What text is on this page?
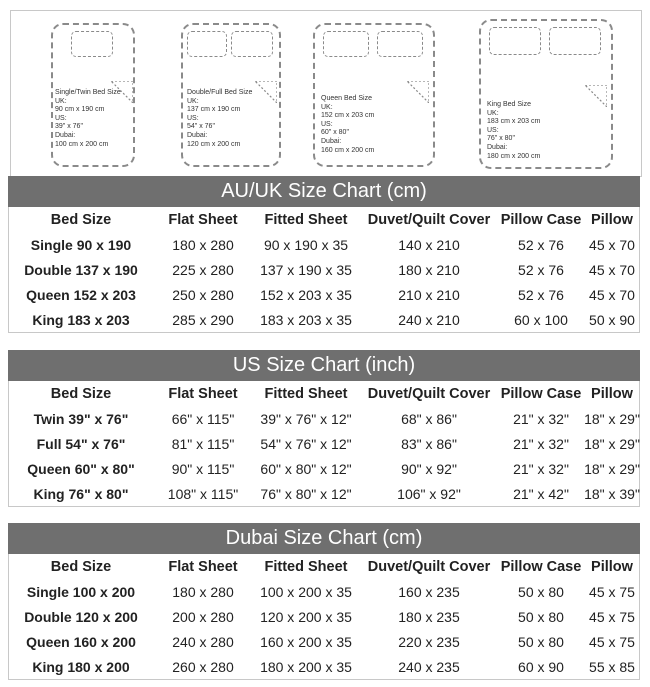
Single/Twin Bed Size
UK:
90 cm x 190 cm
US:
39" x 76"
Dubai:
100 cm x 200 cm
Double/Full Bed Size
UK:
137 cm x 190 cm
US:
54" x 76"
Dubai:
120 cm x 200 cm
Queen Bed Size
UK:
152 cm x 203 cm
US:
60" x 80"
Dubai:
160 cm x 200 cm
King Bed Size
UK:
183 cm x 203 cm
US:
76" x 80"
Dubai:
180 cm x 200 cm
AU/UK Size Chart (cm)
Bed Size	Flat Sheet	Fitted Sheet	Duvet/Quilt Cover	Pillow Case	Pillow
Single 90 x 190	180 x 280	90 x 190 x 35	140 x 210	52 x 76	45 x 70
Double 137 x 190	225 x 280	137 x 190 x 35	180 x 210	52 x 76	45 x 70
Queen 152 x 203	250 x 280	152 x 203 x 35	210 x 210	52 x 76	45 x 70
King 183 x 203	285 x 290	183 x 203 x 35	240 x 210	60 x 100	50 x 90
US Size Chart (inch)
Bed Size	Flat Sheet	Fitted Sheet	Duvet/Quilt Cover	Pillow Case	Pillow
Twin 39" x 76"	66" x 115"	39" x 76" x 12"	68" x 86"	21" x 32"	18" x 29"
Full 54" x 76"	81" x 115"	54" x 76" x 12"	83" x 86"	21" x 32"	18" x 29"
Queen 60" x 80"	90" x 115"	60" x 80" x 12"	90" x 92"	21" x 32"	18" x 29"
King 76" x 80"	108" x 115"	76" x 80" x 12"	106" x 92"	21" x 42"	18" x 39"
Dubai Size Chart (cm)
Bed Size	Flat Sheet	Fitted Sheet	Duvet/Quilt Cover	Pillow Case	Pillow
Single 100 x 200	180 x 280	100 x 200 x 35	160 x 235	50 x 80	45 x 75
Double 120 x 200	200 x 280	120 x 200 x 35	180 x 235	50 x 80	45 x 75
Queen 160 x 200	240 x 280	160 x 200 x 35	220 x 235	50 x 80	45 x 75
King 180 x 200	260 x 280	180 x 200 x 35	240 x 235	60 x 90	55 x 85
